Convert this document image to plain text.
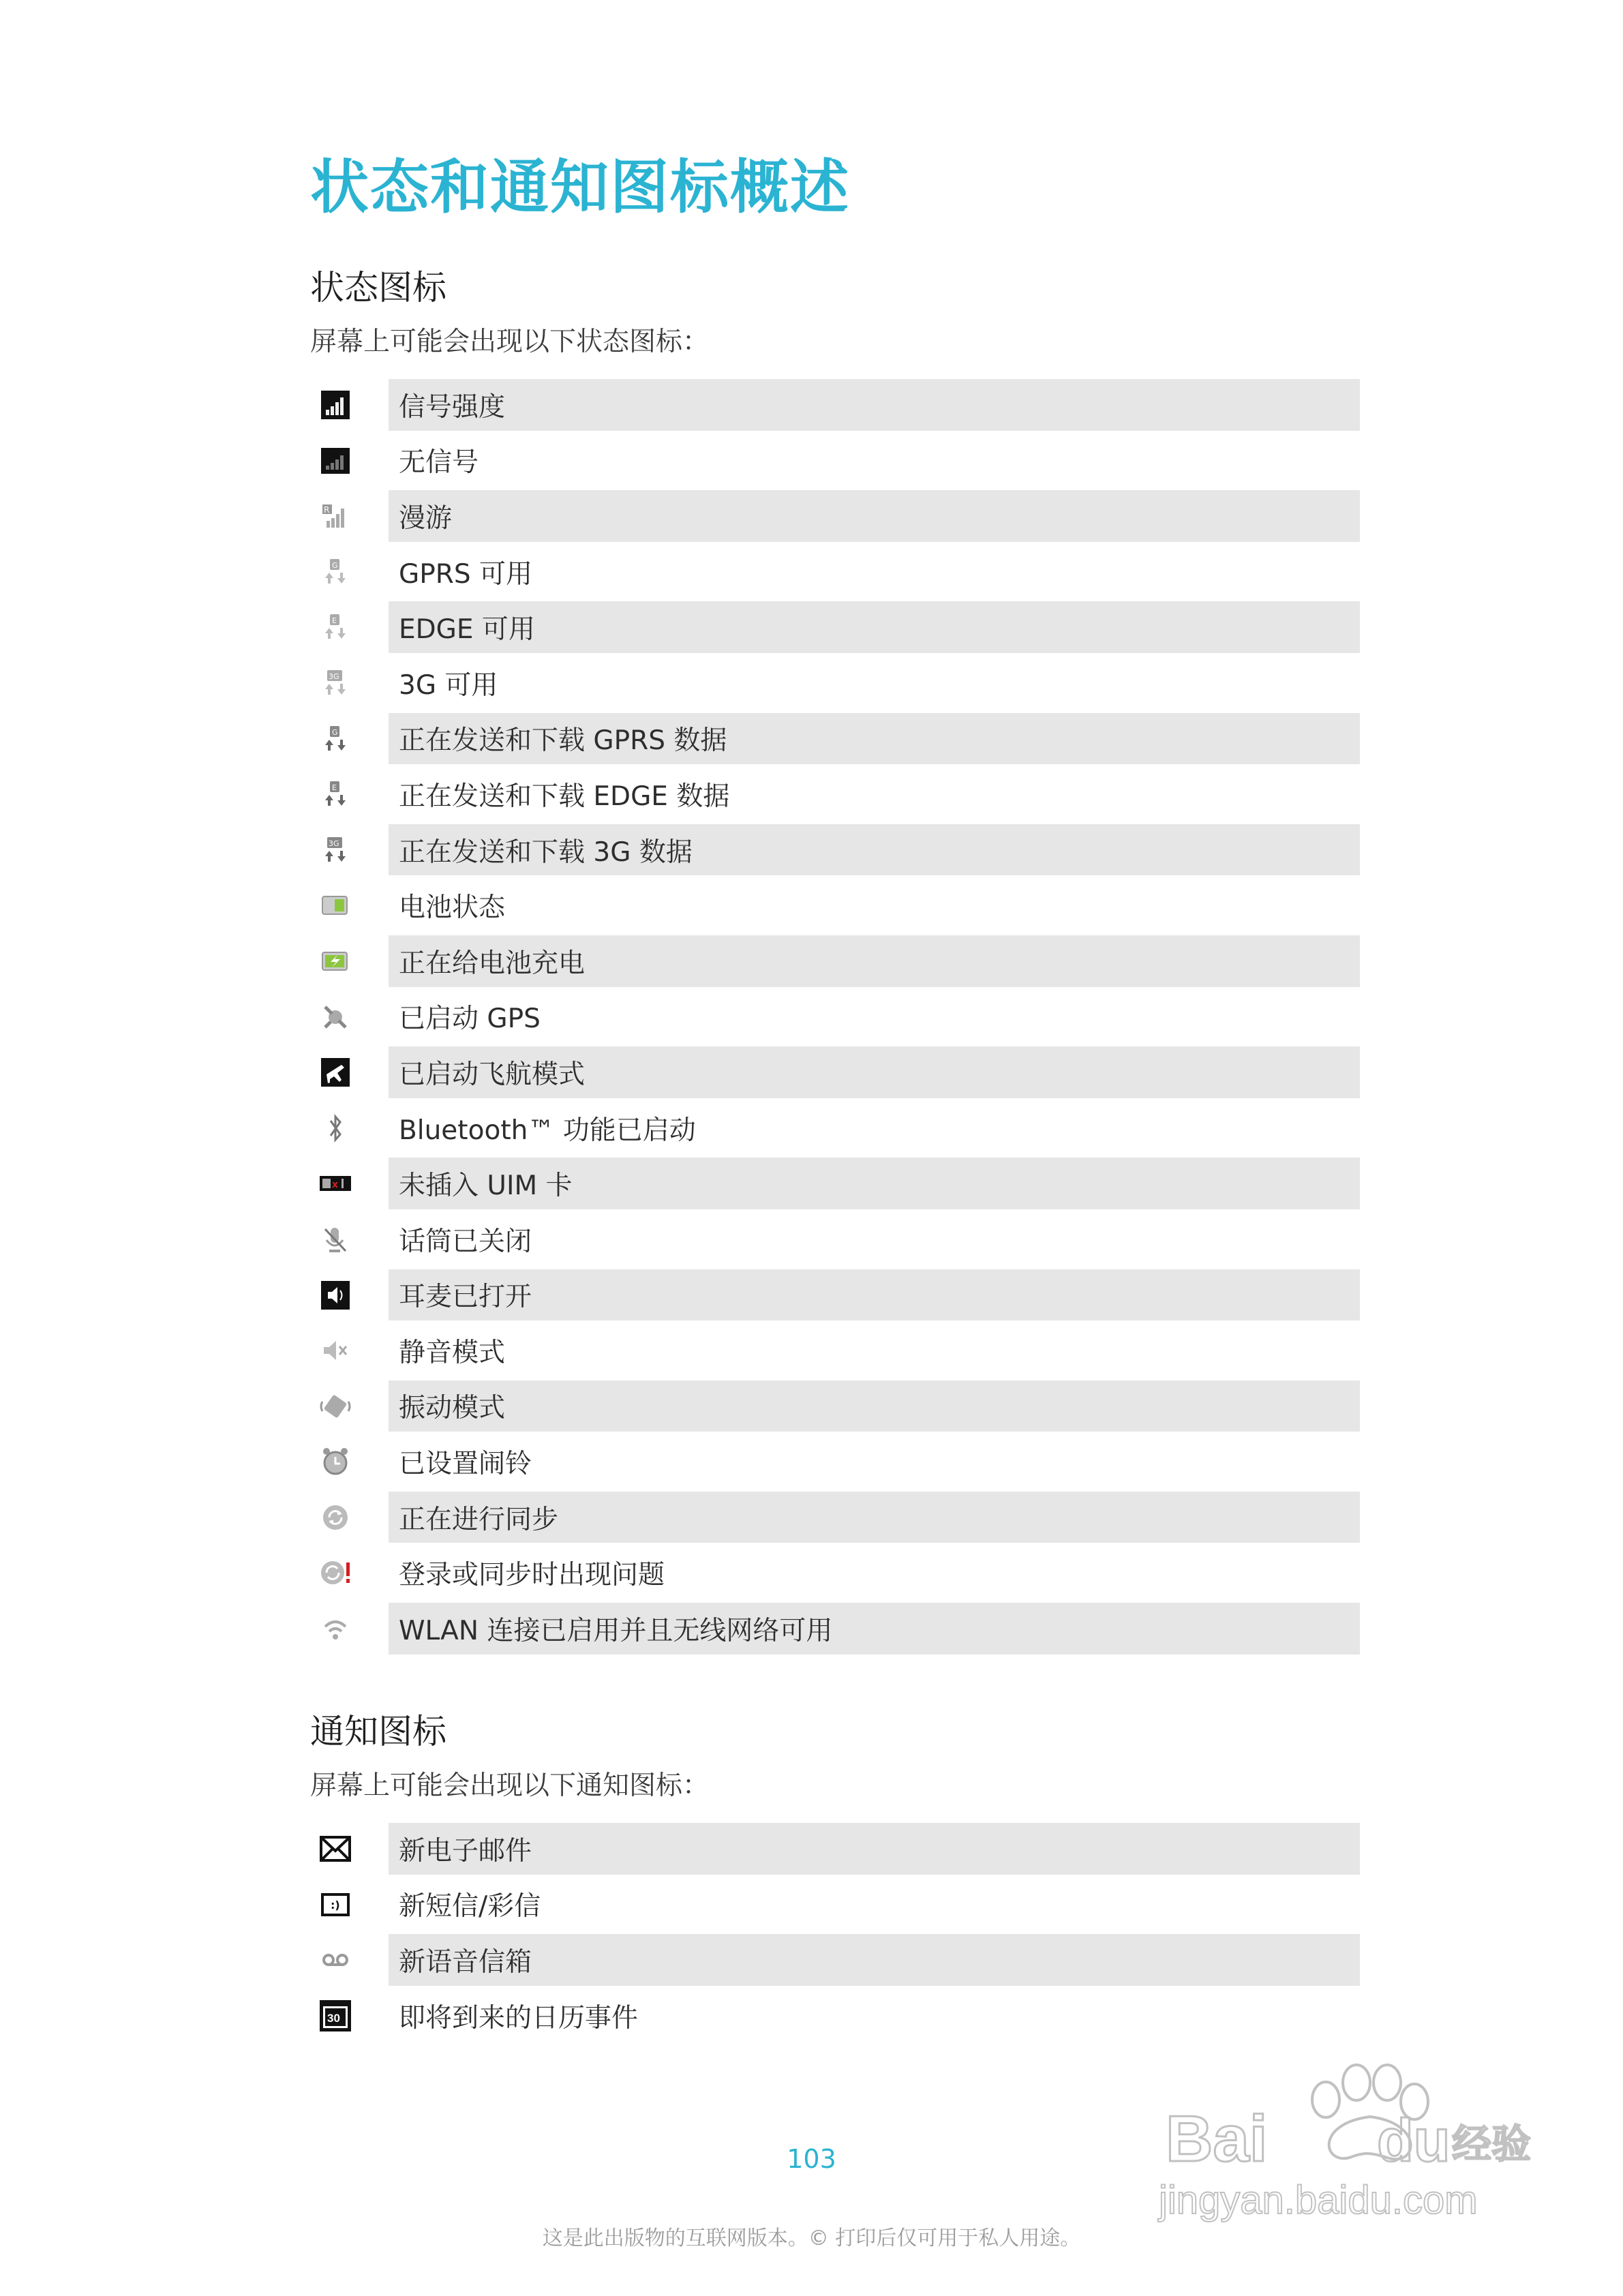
状态和通知图标概述
状态图标

屏幕上可能会出现以下状态图标：

信号强度
无信号
R	漫游
G	GPRS 可用
E	EDGE 可用
3G	3G 可用
G	正在发送和下载 GPRS 数据
E	正在发送和下载 EDGE 数据
3G	正在发送和下载 3G 数据
电池状态
正在给电池充电
已启动 GPS
已启动飞航模式
Bluetooth™ 功能已启动
x	未插入 UIM 卡
话筒已关闭
耳麦已打开
静音模式
振动模式
已设置闹铃
正在进行同步
登录或同步时出现问题
WLAN 连接已启用并且无线网络可用
通知图标

屏幕上可能会出现以下通知图标：

新电子邮件
:)	新短信/彩信
新语音信箱
30	即将到来的日历事件
103
这是此出版物的互联网版本。© 打印后仅可用于私人用途。
Bai du 经验
jingyan.baidu.com
